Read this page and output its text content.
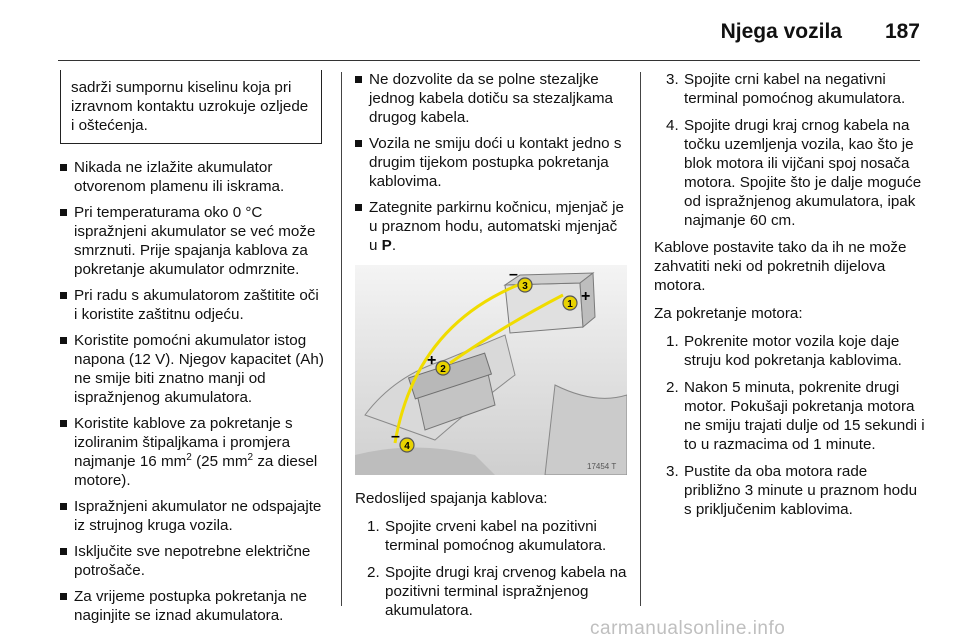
Njega vozila 187
sadrži sumpornu kiselinu koja pri izravnom kontaktu uzrokuje ozljede i oštećenja.
Nikada ne izlažite akumulator otvorenom plamenu ili iskrama.
Pri temperaturama oko 0 °C ispražnjeni akumulator se već može smrznuti. Prije spajanja kablova za pokretanje akumulator odmrznite.
Pri radu s akumulatorom zaštitite oči i koristite zaštitnu odjeću.
Koristite pomoćni akumulator istog napona (12 V). Njegov kapacitet (Ah) ne smije biti znatno manji od ispražnjenog akumulatora.
Koristite kablove za pokretanje s izoliranim štipaljkama i promjera najmanje 16 $mm^2$ (25 $mm^2$ za diesel motore).
Ispražnjeni akumulator ne odspajajte iz strujnog kruga vozila.
Isključite sve nepotrebne električne potrošače.
Za vrijeme postupka pokretanja ne naginjite se iznad akumulatora.
Ne dozvolite da se polne stezaljke jednog kabela dotiču sa stezaljkama drugog kabela.
Vozila ne smiju doći u kontakt jedno s drugim tijekom postupka pokretanja kablovima.
Zategnite parkirnu kočnicu, mjenjač je u praznom hodu, automatski mjenjač u P.
1 +
2
+
3
–
4
–
17454 T

Redoslijed spajanja kablova:

1. Spojite crveni kabel na pozitivni terminal pomoćnog akumulatora.
2. Spojite drugi kraj crvenog kabela na pozitivni terminal ispražnjenog akumulatora.
3. Spojite crni kabel na negativni terminal pomoćnog akumulatora.
4. Spojite drugi kraj crnog kabela na točku uzemljenja vozila, kao što je blok motora ili vijčani spoj nosača motora. Spojite što je dalje moguće od ispražnjenog akumulatora, ipak najmanje 60 cm.

Kablove postavite tako da ih ne može zahvatiti neki od pokretnih dijelova motora.

Za pokretanje motora:

1. Pokrenite motor vozila koje daje struju kod pokretanja kablovima.
2. Nakon 5 minuta, pokrenite drugi motor. Pokušaji pokretanja motora ne smiju trajati dulje od 15 sekundi i to u razmacima od 1 minute.
3. Pustite da oba motora rade približno 3 minute u praznom hodu s priključenim kablovima.
carmanualsonline.info
